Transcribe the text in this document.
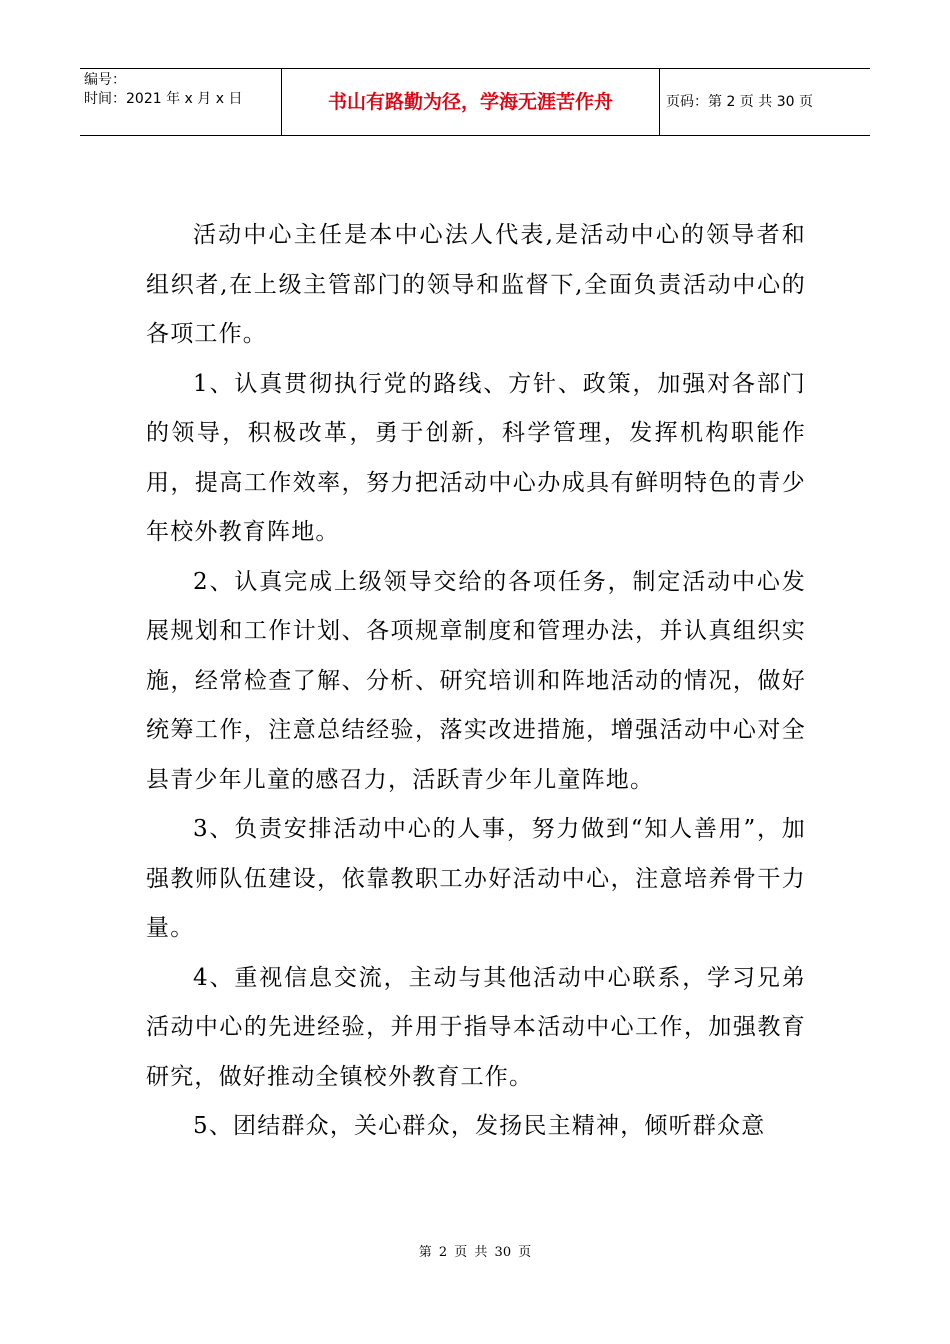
编号：
时间：2021 年 x 月 x 日	书山有路勤为径，学海无涯苦作舟	页码：第 2 页 共 30 页

活动中心主任是本中心法人代表,是活动中心的领导者和组织者,在上级主管部门的领导和监督下,全面负责活动中心的各项工作。

1、认真贯彻执行党的路线、方针、政策，加强对各部门的领导，积极改革，勇于创新，科学管理，发挥机构职能作用，提高工作效率，努力把活动中心办成具有鲜明特色的青少年校外教育阵地。

2、认真完成上级领导交给的各项任务，制定活动中心发展规划和工作计划、各项规章制度和管理办法，并认真组织实施，经常检查了解、分析、研究培训和阵地活动的情况，做好统筹工作，注意总结经验，落实改进措施，增强活动中心对全县青少年儿童的感召力，活跃青少年儿童阵地。

3、负责安排活动中心的人事，努力做到“知人善用”，加强教师队伍建设，依靠教职工办好活动中心，注意培养骨干力量。

4、重视信息交流，主动与其他活动中心联系，学习兄弟活动中心的先进经验，并用于指导本活动中心工作，加强教育研究，做好推动全镇校外教育工作。

5、团结群众，关心群众，发扬民主精神，倾听群众意

第 2 页 共 30 页
